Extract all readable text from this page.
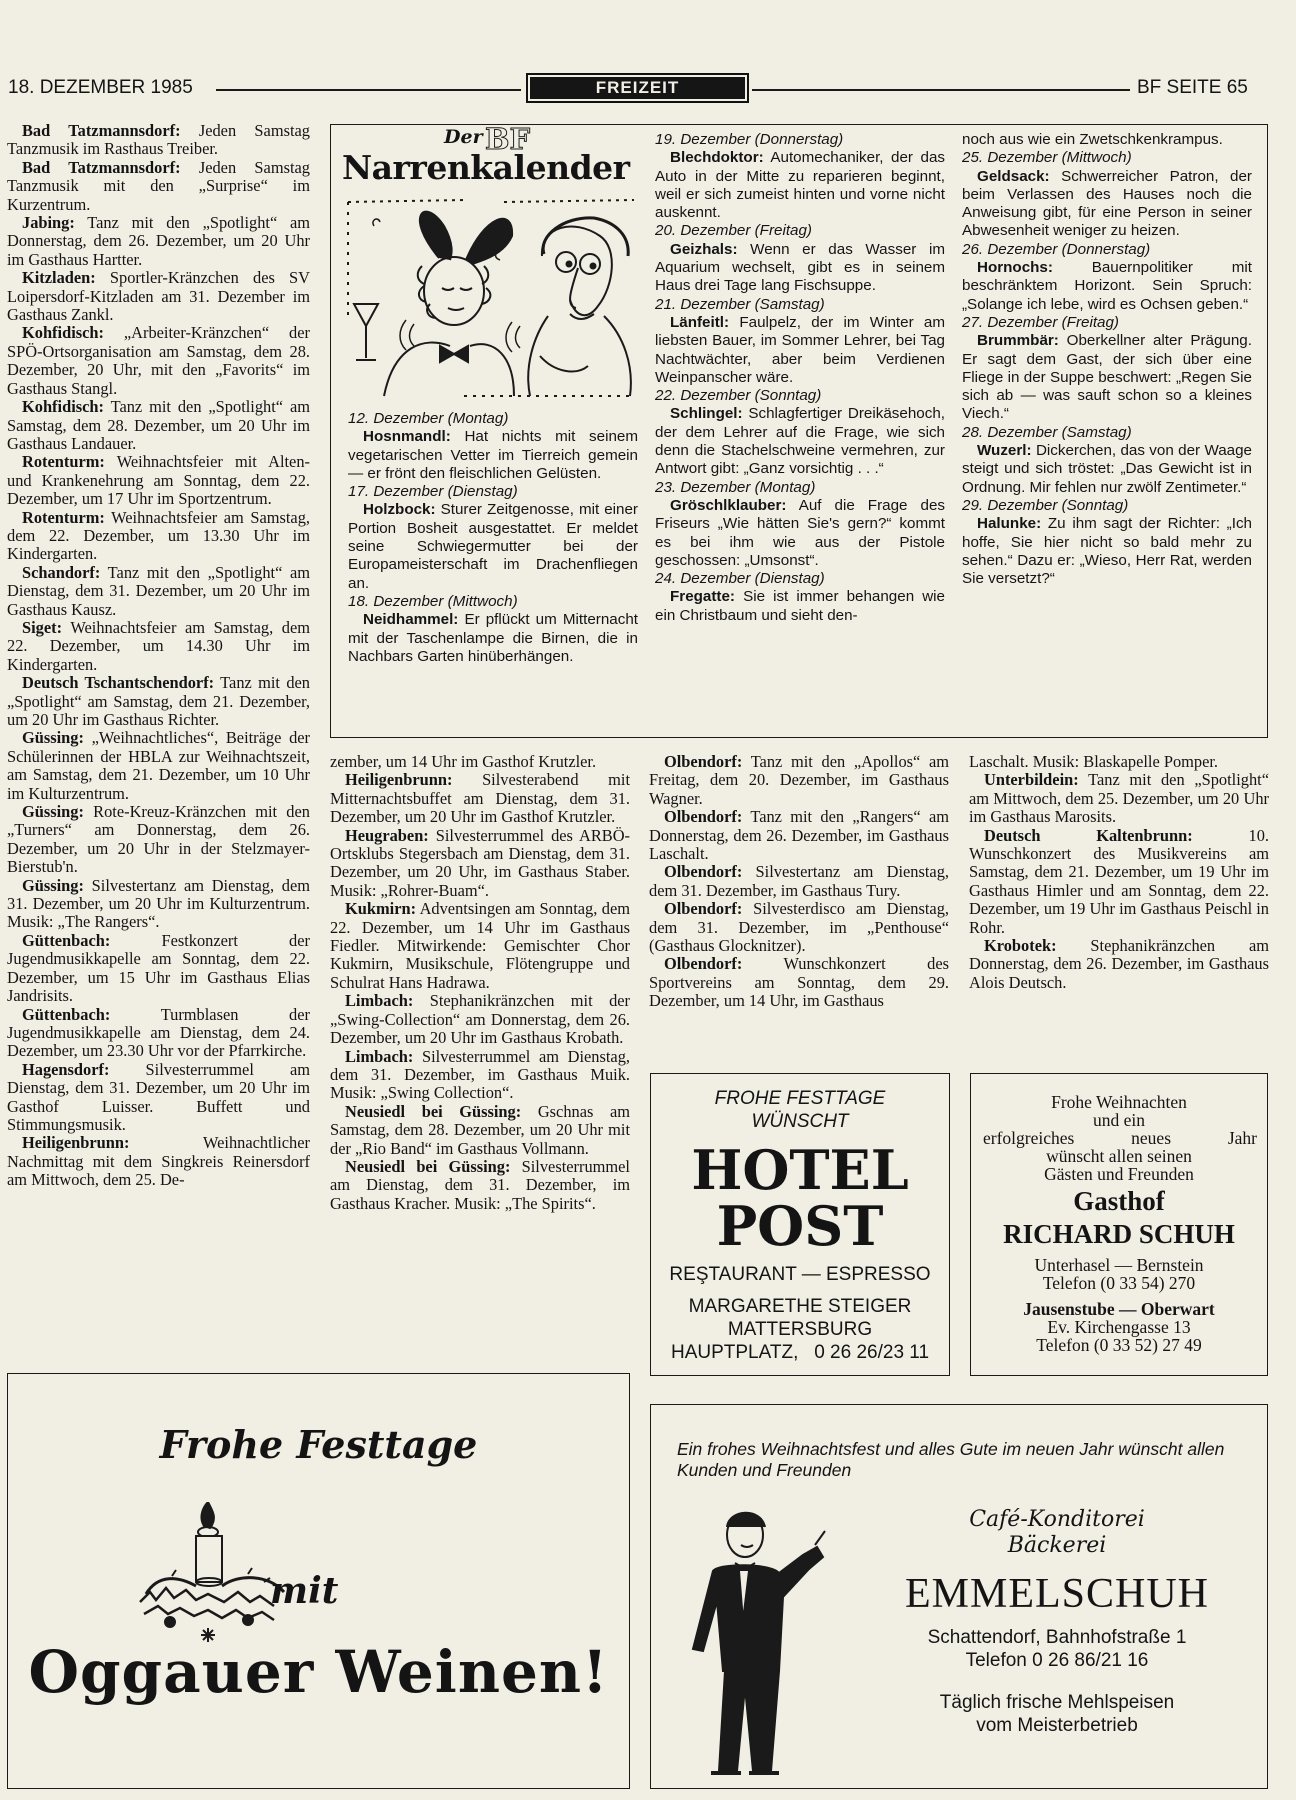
18. DEZEMBER 1985	FREIZEIT	BF SEITE 65

Bad Tatzmannsdorf: Jeden Samstag Tanzmusik im Rasthaus Treiber.

Bad Tatzmannsdorf: Jeden Samstag Tanzmusik mit den „Surprise“ im Kurzentrum.

Jabing: Tanz mit den „Spotlight“ am Donnerstag, dem 26. Dezember, um 20 Uhr im Gasthaus Hartter.

Kitzladen: Sportler-Kränzchen des SV Loipersdorf-Kitzladen am 31. Dezember im Gasthaus Zankl.

Kohfidisch: „Arbeiter-Kränzchen“ der SPÖ-Ortsorganisation am Samstag, dem 28. Dezember, 20 Uhr, mit den „Favorits“ im Gasthaus Stangl.

Kohfidisch: Tanz mit den „Spotlight“ am Samstag, dem 28. Dezember, um 20 Uhr im Gasthaus Landauer.

Rotenturm: Weihnachtsfeier mit Alten- und Krankenehrung am Sonntag, dem 22. Dezember, um 17 Uhr im Sportzentrum.

Rotenturm: Weihnachtsfeier am Samstag, dem 22. Dezember, um 13.30 Uhr im Kindergarten.

Schandorf: Tanz mit den „Spotlight“ am Dienstag, dem 31. Dezember, um 20 Uhr im Gasthaus Kausz.

Siget: Weihnachtsfeier am Samstag, dem 22. Dezember, um 14.30 Uhr im Kindergarten.

Deutsch Tschantschendorf: Tanz mit den „Spotlight“ am Samstag, dem 21. Dezember, um 20 Uhr im Gasthaus Richter.

Güssing: „Weihnachtliches“, Beiträge der Schülerinnen der HBLA zur Weihnachtszeit, am Samstag, dem 21. Dezember, um 10 Uhr im Kulturzentrum.

Güssing: Rote-Kreuz-Kränzchen mit den „Turners“ am Donnerstag, dem 26. Dezember, um 20 Uhr in der Stelzmayer-Bierstub'n.

Güssing: Silvestertanz am Dienstag, dem 31. Dezember, um 20 Uhr im Kulturzentrum. Musik: „The Rangers“.

Güttenbach:	Festkonzert der Jugendmusikkapelle am Sonntag, dem 22. Dezember, um 15 Uhr im Gasthaus Elias Jandrisits.

Güttenbach:	Turmblasen der Jugendmusikkapelle am Dienstag, dem 24. Dezember, um 23.30 Uhr vor der Pfarrkirche.

Hagensdorf: Silvesterrummel am Dienstag, dem 31. Dezember, um 20 Uhr im Gasthof Luisser. Buffett und Stimmungsmusik.

Heiligenbrunn:	Weihnachtlicher Nachmittag mit dem Singkreis Reinersdorf am Mittwoch, dem 25. De-

Der BF
Narrenkalender

12. Dezember (Montag)

Hosnmandl: Hat nichts mit seinem vegetarischen Vetter im Tierreich gemein — er frönt den fleischlichen Gelüsten.

17. Dezember (Dienstag)

Holzbock: Sturer Zeitgenosse, mit einer Portion Bosheit ausgestattet. Er meldet seine Schwiegermutter bei der Europameisterschaft im Drachenfliegen an.

18. Dezember (Mittwoch)

Neidhammel: Er pflückt um Mitternacht mit der Taschenlampe die Birnen, die in Nachbars Garten hinüberhängen.

19. Dezember (Donnerstag)

Blechdoktor: Automechaniker, der das Auto in der Mitte zu reparieren beginnt, weil er sich zumeist hinten und vorne nicht auskennt.

20. Dezember (Freitag)

Geizhals: Wenn er das Wasser im Aquarium wechselt, gibt es in seinem Haus drei Tage lang Fischsuppe.

21. Dezember (Samstag)

Länfeitl: Faulpelz, der im Winter am liebsten Bauer, im Sommer Lehrer, bei Tag Nachtwächter, aber beim Verdienen Weinpanscher wäre.

22. Dezember (Sonntag)

Schlingel: Schlagfertiger Dreikäsehoch, der dem Lehrer auf die Frage, wie sich denn die Stachelschweine vermehren, zur Antwort gibt: „Ganz vorsichtig . . .“

23. Dezember (Montag)

Gröschlklauber: Auf die Frage des Friseurs „Wie hätten Sie's gern?“ kommt es bei ihm wie aus der Pistole geschossen: „Umsonst“.

24. Dezember (Dienstag)

Fregatte: Sie ist immer behangen wie ein Christbaum und sieht den-

noch aus wie ein Zwetschkenkrampus.

25. Dezember (Mittwoch)

Geldsack: Schwerreicher Patron, der beim Verlassen des Hauses noch die Anweisung gibt, für eine Person in seiner Abwesenheit weniger zu heizen.

26. Dezember (Donnerstag)

Hornochs:	Bauernpolitiker mit beschränktem Horizont. Sein Spruch: „Solange ich lebe, wird es Ochsen geben.“

27. Dezember (Freitag)

Brummbär: Oberkellner alter Prägung. Er sagt dem Gast, der sich über eine Fliege in der Suppe beschwert: „Regen Sie sich ab — was sauft schon so a kleines Viech.“

28. Dezember (Samstag)

Wuzerl: Dickerchen, das von der Waage steigt und sich tröstet: „Das Gewicht ist in Ordnung. Mir fehlen nur zwölf Zentimeter.“

29. Dezember (Sonntag)

Halunke: Zu ihm sagt der Richter: „Ich hoffe, Sie hier nicht so bald mehr zu sehen.“ Dazu er: „Wieso, Herr Rat, werden Sie versetzt?“

zember, um 14 Uhr im Gasthof Krutzler.

Heiligenbrunn: Silvesterabend mit Mitternachtsbuffet am Dienstag, dem 31. Dezember, um 20 Uhr im Gasthof Krutzler.

Heugraben: Silvesterrummel des ARBÖ-Ortsklubs Stegersbach am Dienstag, dem 31. Dezember, um 20 Uhr, im Gasthaus Staber. Musik: „Rohrer-Buam“.

Kukmirn: Adventsingen am Sonntag, dem 22. Dezember, um 14 Uhr im Gasthaus Fiedler. Mitwirkende: Gemischter Chor Kukmirn, Musikschule, Flötengruppe und Schulrat Hans Hadrawa.

Limbach: Stephanikränzchen mit der „Swing-Collection“ am Donnerstag, dem 26. Dezember, um 20 Uhr im Gasthaus Krobath.

Limbach: Silvesterrummel am Dienstag, dem 31. Dezember, im Gasthaus Muik. Musik: „Swing Collection“.

Neusiedl bei Güssing: Gschnas am Samstag, dem 28. Dezember, um 20 Uhr mit der „Rio Band“ im Gasthaus Vollmann.

Neusiedl bei Güssing: Silvesterrummel am Dienstag, dem 31. Dezember, im Gasthaus Kracher. Musik: „The Spirits“.

Olbendorf: Tanz mit den „Apollos“ am Freitag, dem 20. Dezember, im Gasthaus Wagner.

Olbendorf: Tanz mit den „Rangers“ am Donnerstag, dem 26. Dezember, im Gasthaus Laschalt.

Olbendorf: Silvestertanz am Dienstag, dem 31. Dezember, im Gasthaus Tury.

Olbendorf: Silvesterdisco am Dienstag, dem 31. Dezember, im „Penthouse“ (Gasthaus Glocknitzer).

Olbendorf:	Wunschkonzert des Sportvereins am Sonntag, dem 29. Dezember, um 14 Uhr, im Gasthaus

Laschalt. Musik: Blaskapelle Pomper.

Unterbildein: Tanz mit den „Spotlight“ am Mittwoch, dem 25. Dezember, um 20 Uhr im Gasthaus Marosits.

Deutsch Kaltenbrunn:	10. Wunschkonzert des Musikvereins am Samstag, dem 21. Dezember, um 19 Uhr im Gasthaus Himler und am Sonntag, dem 22. Dezember, um 19 Uhr im Gasthaus Peischl in Rohr.

Krobotek: Stephanikränzchen am Donnerstag, dem 26. Dezember, im Gasthaus Alois Deutsch.

FROHE FESTTAGE
WÜNSCHT
HOTEL
POST
REŞTAURANT — ESPRESSO
MARGARETHE STEIGER
MATTERSBURG
HAUPTPLATZ, 0 26 26/23 11
Frohe Weihnachten
und ein
erfolgreiches neues Jahr
wünscht allen seinen
Gästen und Freunden
Gasthof
RICHARD SCHUH
Unterhasel — Bernstein
Telefon (0 33 54) 270
Jausenstube — Oberwart
Ev. Kirchengasse 13
Telefon (0 33 52) 27 49
Frohe Festtage
mit
Oggauer Weinen!
Ein frohes Weihnachtsfest und alles Gute im neuen Jahr wünscht allen Kunden und Freunden
Café-Konditorei
Bäckerei
EMMELSCHUH
Schattendorf, Bahnhofstraße 1
Telefon 0 26 86/21 16
Täglich frische Mehlspeisen
vom Meisterbetrieb
